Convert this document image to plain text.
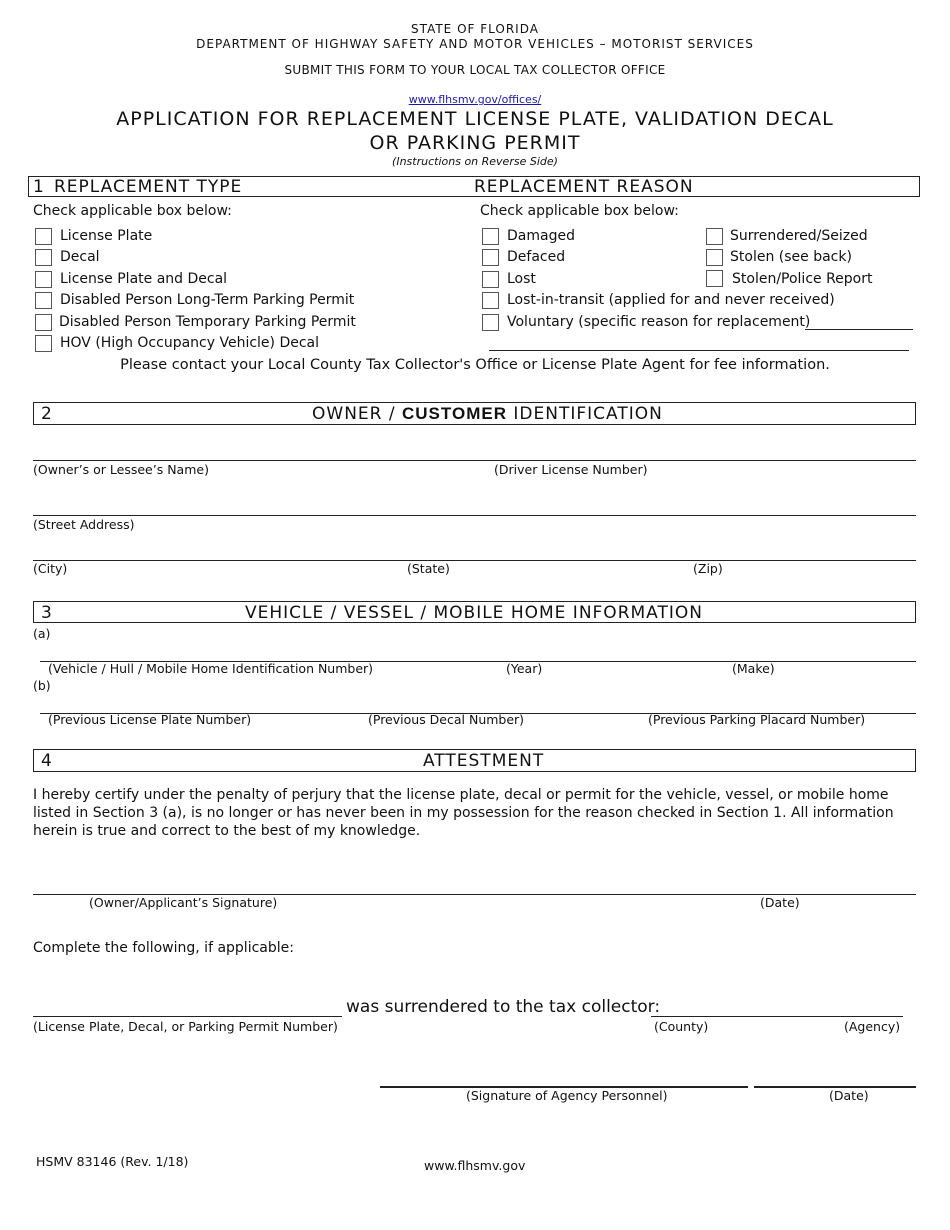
STATE OF FLORIDA
DEPARTMENT OF HIGHWAY SAFETY AND MOTOR VEHICLES – MOTORIST SERVICES
SUBMIT THIS FORM TO YOUR LOCAL TAX COLLECTOR OFFICE
www.flhsmv.gov/offices/
APPLICATION FOR REPLACEMENT LICENSE PLATE, VALIDATION DECAL
OR PARKING PERMIT
(Instructions on Reverse Side)
1 REPLACEMENT TYPE	REPLACEMENT REASON
Check applicable box below:	Check applicable box below:
License Plate
Decal
License Plate and Decal
Disabled Person Long-Term Parking Permit
Disabled Person Temporary Parking Permit
HOV (High Occupancy Vehicle) Decal
Damaged
Defaced
Lost
Lost-in-transit (applied for and never received)
Voluntary (specific reason for replacement)
Surrendered/Seized
Stolen (see back)
Stolen/Police Report
Please contact your Local County Tax Collector's Office or License Plate Agent for fee information.
2	OWNER / CUSTOMER IDENTIFICATION
(Owner’s or Lessee’s Name)	(Driver License Number)
(Street Address)
(City)	(State)	(Zip)
3	VEHICLE / VESSEL / MOBILE HOME INFORMATION
(a)
(Vehicle / Hull / Mobile Home Identification Number)	(Year)	(Make)
(b)
(Previous License Plate Number)	(Previous Decal Number)	(Previous Parking Placard Number)
4	ATTESTMENT
I hereby certify under the penalty of perjury that the license plate, decal or permit for the vehicle, vessel, or mobile home listed in Section 3 (a), is no longer or has never been in my possession for the reason checked in Section 1. All information herein is true and correct to the best of my knowledge.
(Owner/Applicant’s Signature)	(Date)
Complete the following, if applicable:
was surrendered to the tax collector:
(License Plate, Decal, or Parking Permit Number)	(County)	(Agency)
(Signature of Agency Personnel)	(Date)
HSMV 83146 (Rev. 1/18)	www.flhsmv.gov
